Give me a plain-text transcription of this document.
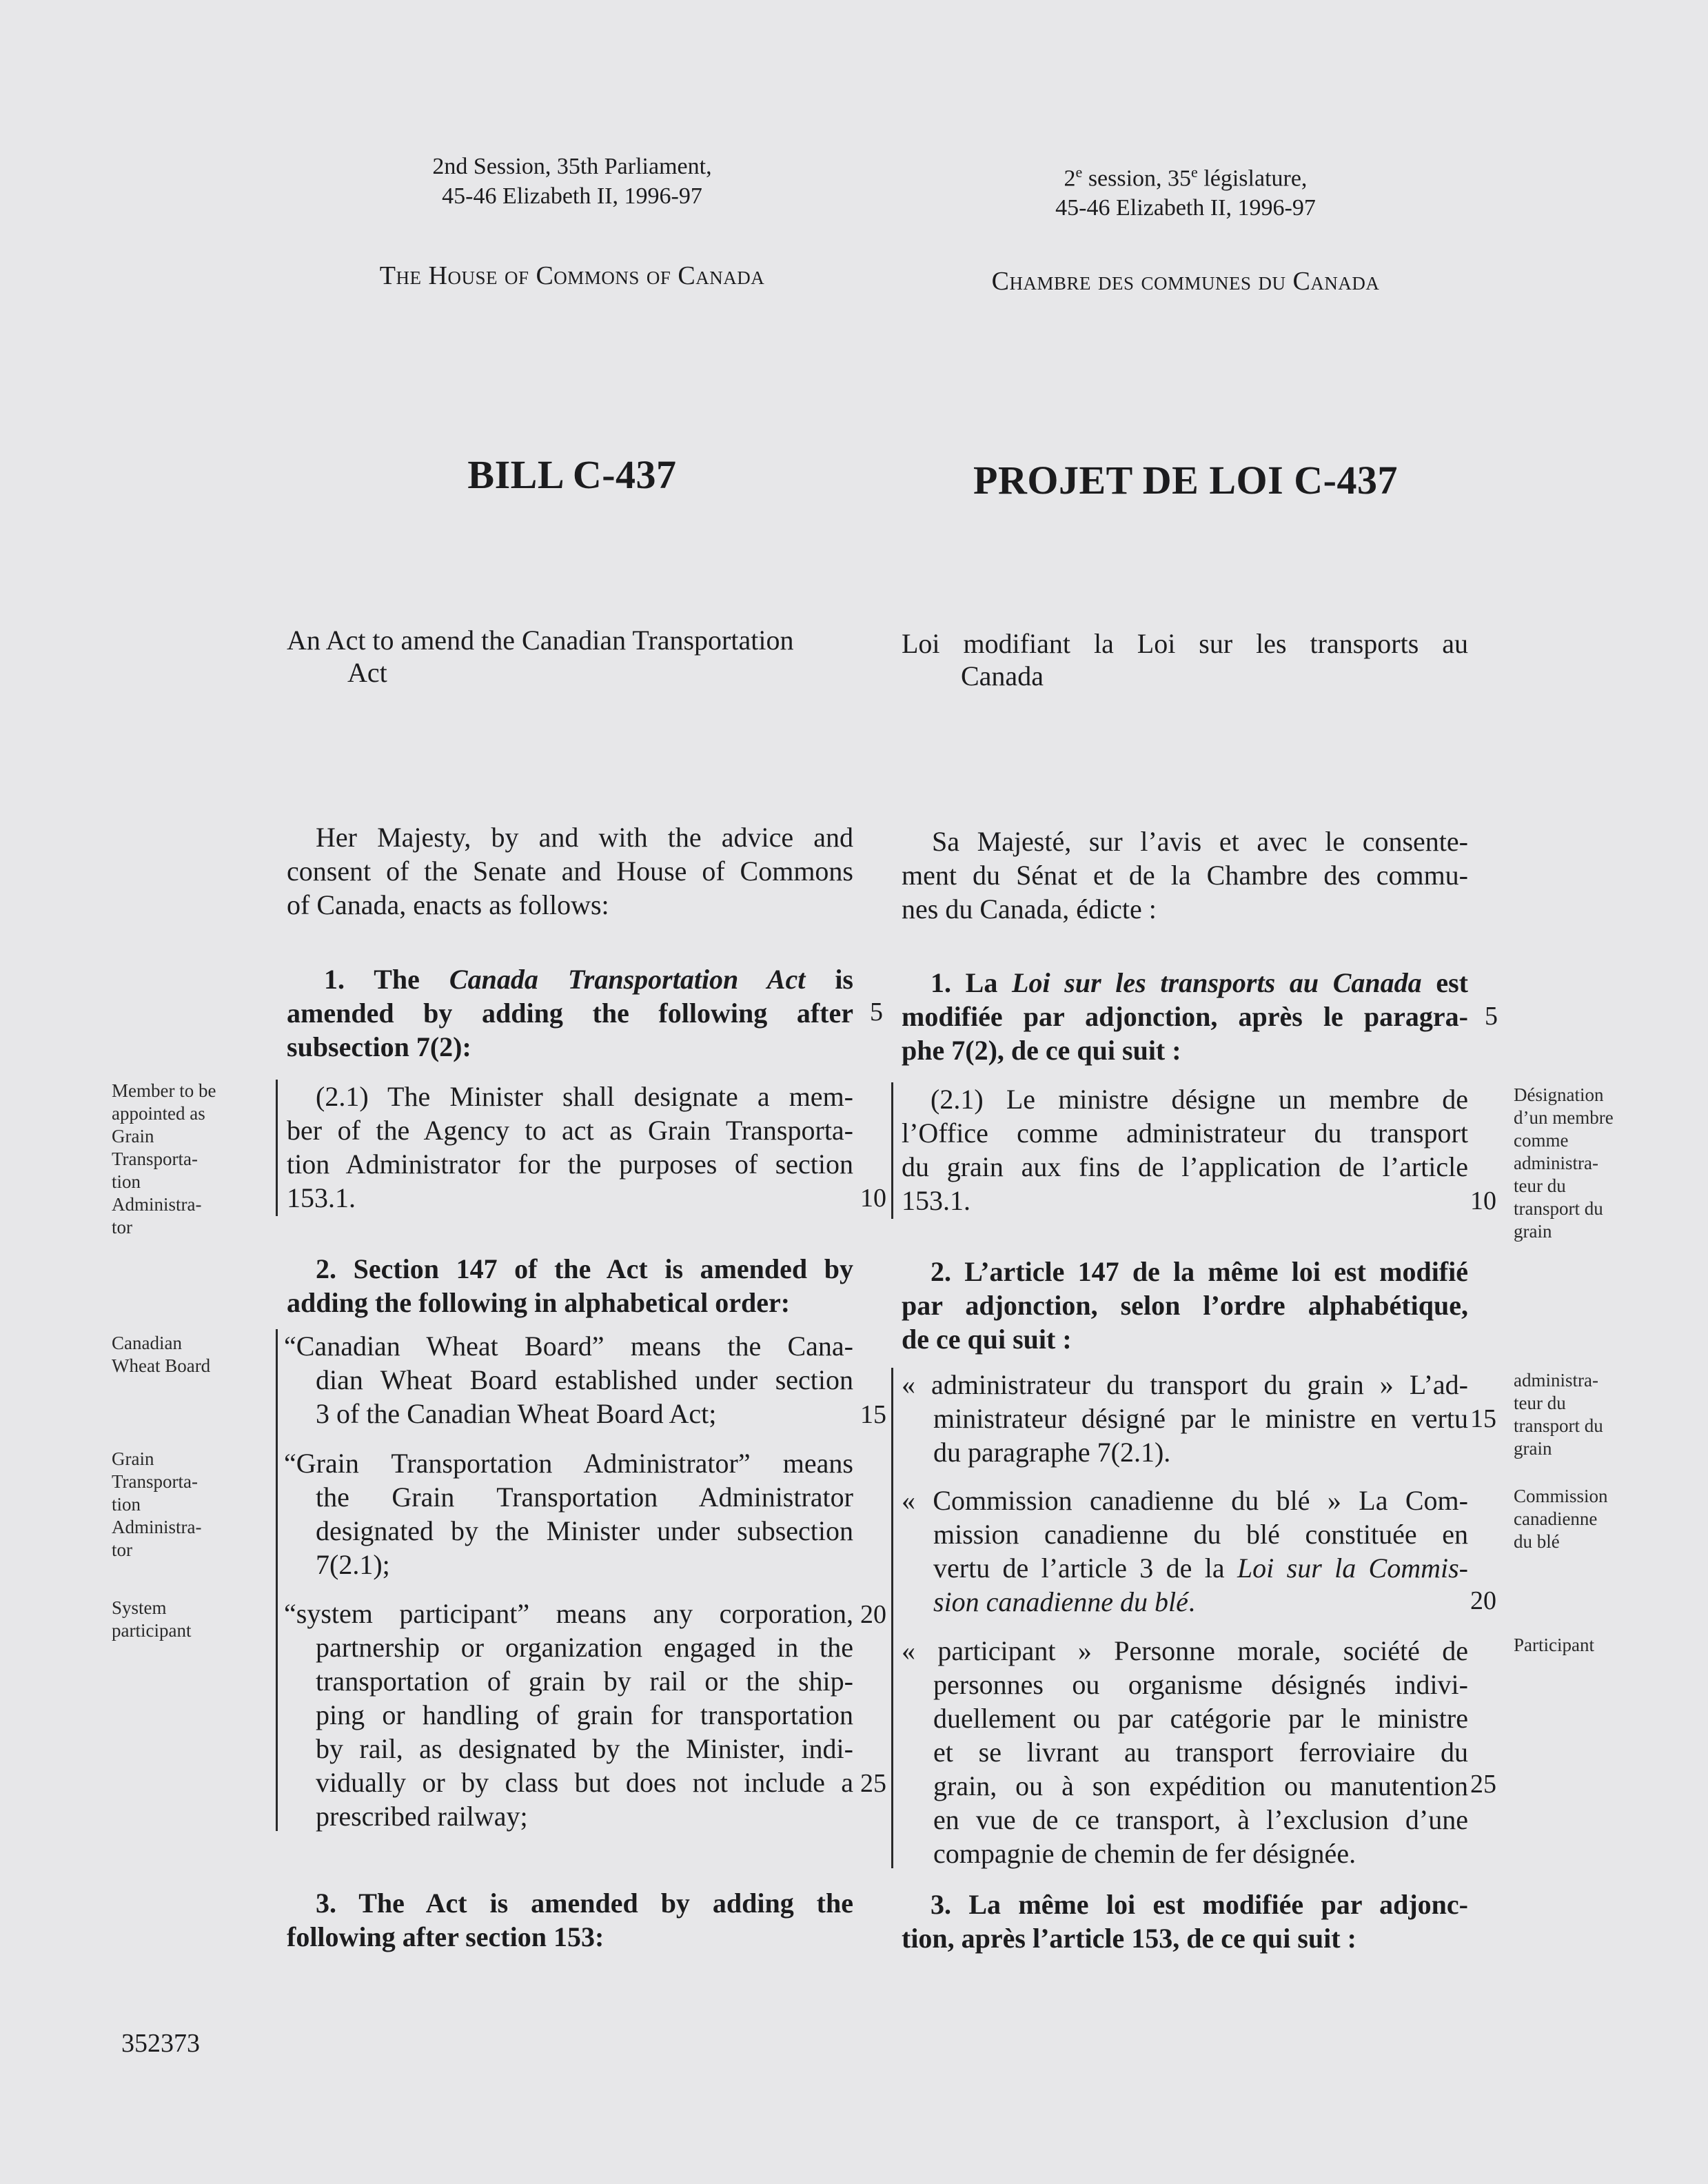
2nd Session, 35th Parliament,
45-46 Elizabeth II, 1996-97
The House of Commons of Canada
BILL C-437
2e session, 35e législature,
45-46 Elizabeth II, 1996-97
Chambre des communes du Canada
PROJET DE LOI C-437
An Act to amend the Canadian Transportation
Act
Loi modifiant la Loi sur les transports au
Canada
Her Majesty, by and with the advice and
consent of the Senate and House of Commons
of Canada, enacts as follows:
Sa Majesté, sur l’avis et avec le consente-
ment du Sénat et de la Chambre des commu-
nes du Canada, édicte :
1. The Canada Transportation Act is
amended by adding the following after
subsection 7(2):
1. La Loi sur les transports au Canada est
modifiée par adjonction, après le paragra-
phe 7(2), de ce qui suit :
5	5
(2.1) The Minister shall designate a mem-
ber of the Agency to act as Grain Transporta-
tion Administrator for the purposes of section
153.1.	10
(2.1) Le ministre désigne un membre de
l’Office comme administrateur du transport
du grain aux fins de l’application de l’article
153.1.	10
2. Section 147 of the Act is amended by
adding the following in alphabetical order:
2. L’article 147 de la même loi est modifié
par adjonction, selon l’ordre alphabétique,
de ce qui suit :
“Canadian Wheat Board” means the Cana-
dian Wheat Board established under section
3 of the Canadian Wheat Board Act;	15
“Grain Transportation Administrator” means
the Grain Transportation Administrator
designated by the Minister under subsection
7(2.1);
“system participant” means any corporation,
partnership or organization engaged in the
transportation of grain by rail or the ship-
ping or handling of grain for transportation
by rail, as designated by the Minister, indi-
vidually or by class but does not include a
prescribed railway;
20
25
« administrateur du transport du grain » L’ad-
ministrateur désigné par le ministre en vertu
du paragraphe 7(2.1).
15
« Commission canadienne du blé » La Com-
mission canadienne du blé constituée en
vertu de l’article 3 de la Loi sur la Commis-
sion canadienne du blé.	20
« participant » Personne morale, société de
personnes ou organisme désignés indivi-
duellement ou par catégorie par le ministre
et se livrant au transport ferroviaire du
grain, ou à son expédition ou manutention
en vue de ce transport, à l’exclusion d’une
compagnie de chemin de fer désignée.
25
3. The Act is amended by adding the
following after section 153:
3. La même loi est modifiée par adjonc-
tion, après l’article 153, de ce qui suit :
Member to be
appointed as
Grain
Transporta-
tion
Administra-
tor
Canadian
Wheat Board
Grain
Transporta-
tion
Administra-
tor
System
participant
Désignation
d’un membre
comme
administra-
teur du
transport du
grain
administra-
teur du
transport du
grain
Commission
canadienne
du blé
Participant
352373
